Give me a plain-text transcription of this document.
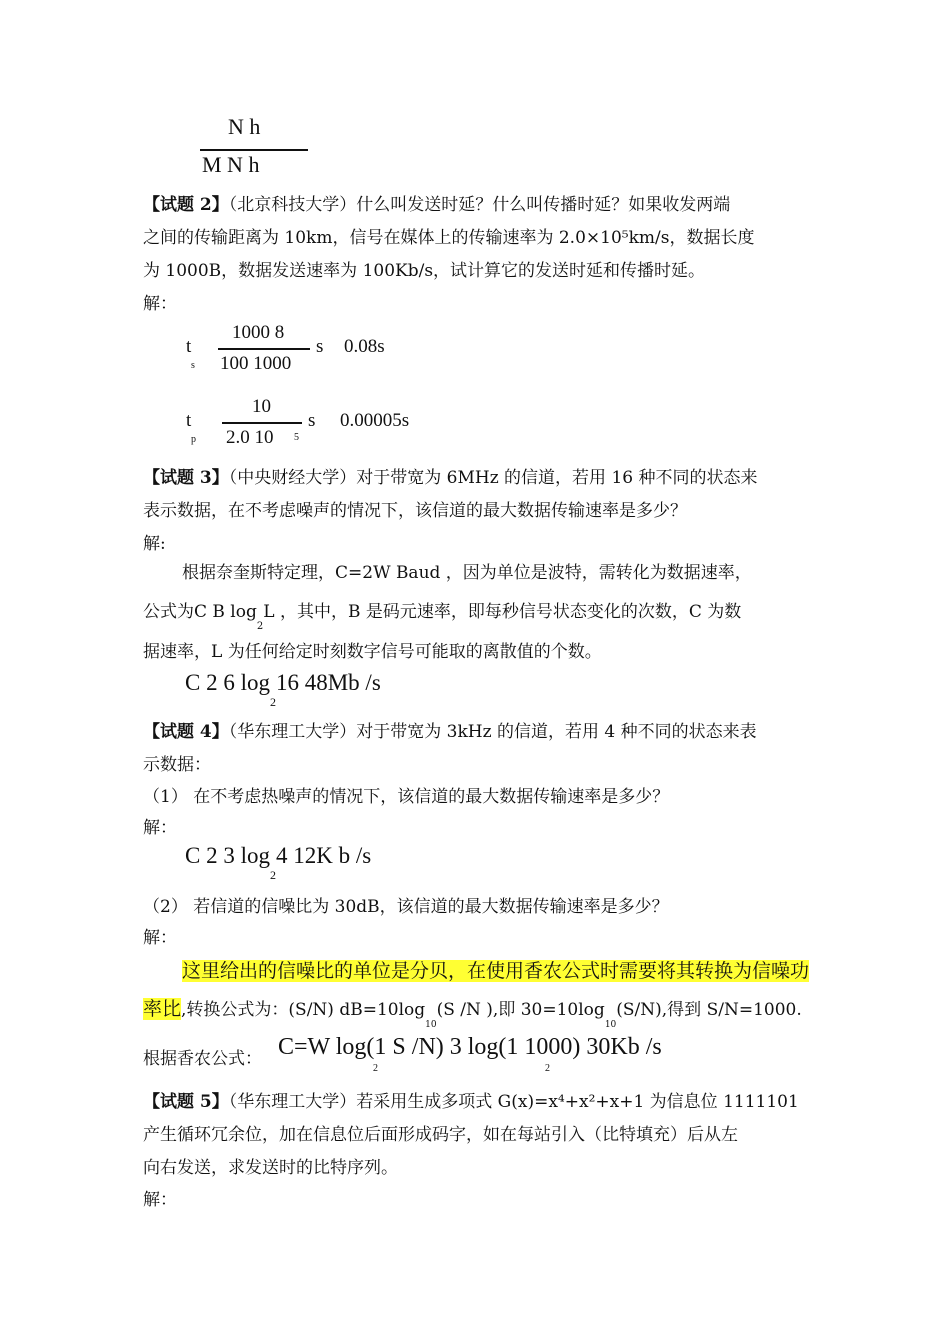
N h
M N h
【试题 2】（北京科技大学）什么叫发送时延？什么叫传播时延？如果收发两端
之间的传输距离为 10km，信号在媒体上的传输速率为 2.0×10⁵km/s，数据长度
为 1000B，数据发送速率为 100Kb/s，试计算它的发送时延和传播时延。
解：
t
s
1000 8
100 1000
s 0.08s
t
p
10
2.0 10 5
s 0.00005s
【试题 3】（中央财经大学）对于带宽为 6MHz 的信道，若用 16 种不同的状态来
表示数据，在不考虑噪声的情况下，该信道的最大数据传输速率是多少？
解:
根据奈奎斯特定理，C=2W Baud ，因为单位是波特，需转化为数据速率，
公式为C B $\log_2L$ ，其中，B 是码元速率，即每秒信号状态变化的次数，C 为数
据速率，L 为任何给定时刻数字信号可能取的离散值的个数。
C 2 6 $\log_216$ 48Mb /s
【试题 4】（华东理工大学）对于带宽为 3kHz 的信道，若用 4 种不同的状态来表
示数据：
（1） 在不考虑热噪声的情况下，该信道的最大数据传输速率是多少？
解：
C 2 3 $\log_24$ 12K b /s
（2） 若信道的信噪比为 30dB，该信道的最大数据传输速率是多少？
解：
这里给出的信噪比的单位是分贝，在使用香农公式时需要将其转换为信噪功
率比,转换公式为：(S/N) $dB=10\log_{10}(S$ /N ),即 $30=10\log_{10}(S/N)$,得到 S/N=1000.
根据香农公式： C=W log(1 S /N) 3 log(1 1000) 30Kb /s
2	2
【试题 5】（华东理工大学）若采用生成多项式 G(x)=x⁴+x²+x+1 为信息位 1111101
产生循环冗余位，加在信息位后面形成码字，如在每站引入（比特填充）后从左
向右发送，求发送时的比特序列。
解：
